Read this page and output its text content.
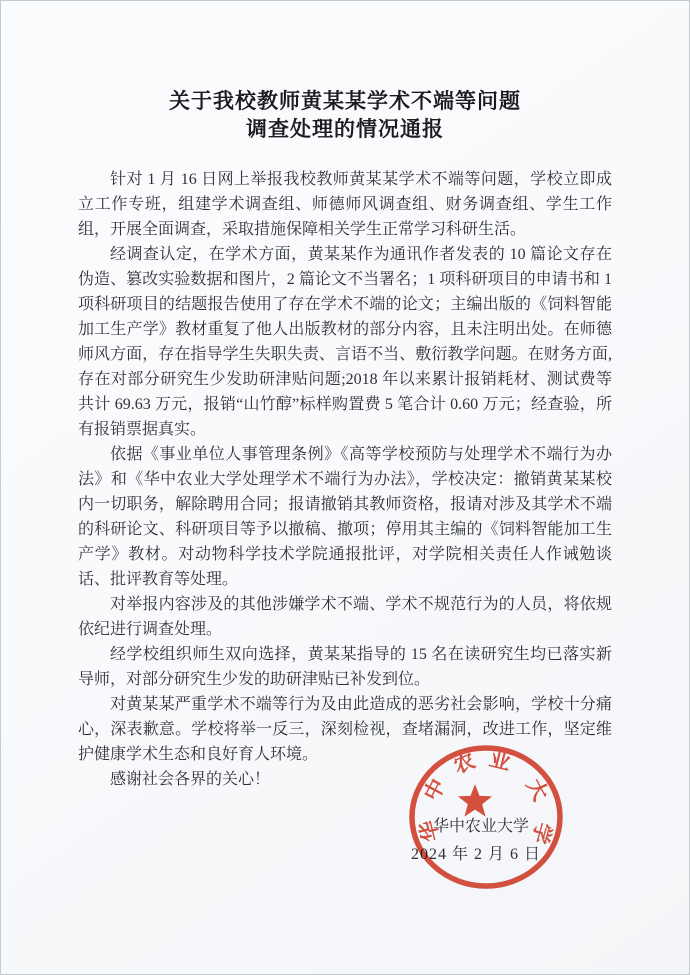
关于我校教师黄某某学术不端等问题
调查处理的情况通报

针对 1 月 16 日网上举报我校教师黄某某学术不端等问题，学校立即成立工作专班，组建学术调查组、师德师风调查组、财务调查组、学生工作组，开展全面调查，采取措施保障相关学生正常学习科研生活。

经调查认定，在学术方面，黄某某作为通讯作者发表的 10 篇论文存在伪造、篡改实验数据和图片，2 篇论文不当署名；1 项科研项目的申请书和 1 项科研项目的结题报告使用了存在学术不端的论文；主编出版的《饲料智能加工生产学》教材重复了他人出版教材的部分内容，且未注明出处。在师德师风方面，存在指导学生失职失责、言语不当、敷衍教学问题。在财务方面,存在对部分研究生少发助研津贴问题;2018 年以来累计报销耗材、测试费等共计 69.63 万元，报销“山竹醇”标样购置费 5 笔合计 0.60 万元；经查验，所有报销票据真实。

依据《事业单位人事管理条例》《高等学校预防与处理学术不端行为办法》和《华中农业大学处理学术不端行为办法》，学校决定：撤销黄某某校内一切职务，解除聘用合同；报请撤销其教师资格，报请对涉及其学术不端的科研论文、科研项目等予以撤稿、撤项；停用其主编的《饲料智能加工生产学》教材。对动物科学技术学院通报批评，对学院相关责任人作诫勉谈话、批评教育等处理。

对举报内容涉及的其他涉嫌学术不端、学术不规范行为的人员，将依规依纪进行调查处理。

经学校组织师生双向选择，黄某某指导的 15 名在读研究生均已落实新导师，对部分研究生少发的助研津贴已补发到位。

对黄某某严重学术不端等行为及由此造成的恶劣社会影响，学校十分痛心，深表歉意。学校将举一反三，深刻检视，查堵漏洞，改进工作，坚定维护健康学术生态和良好育人环境。

感谢社会各界的关心！

华中农业大学
2024 年 2 月 6 日
华
中
农 业
大
学
